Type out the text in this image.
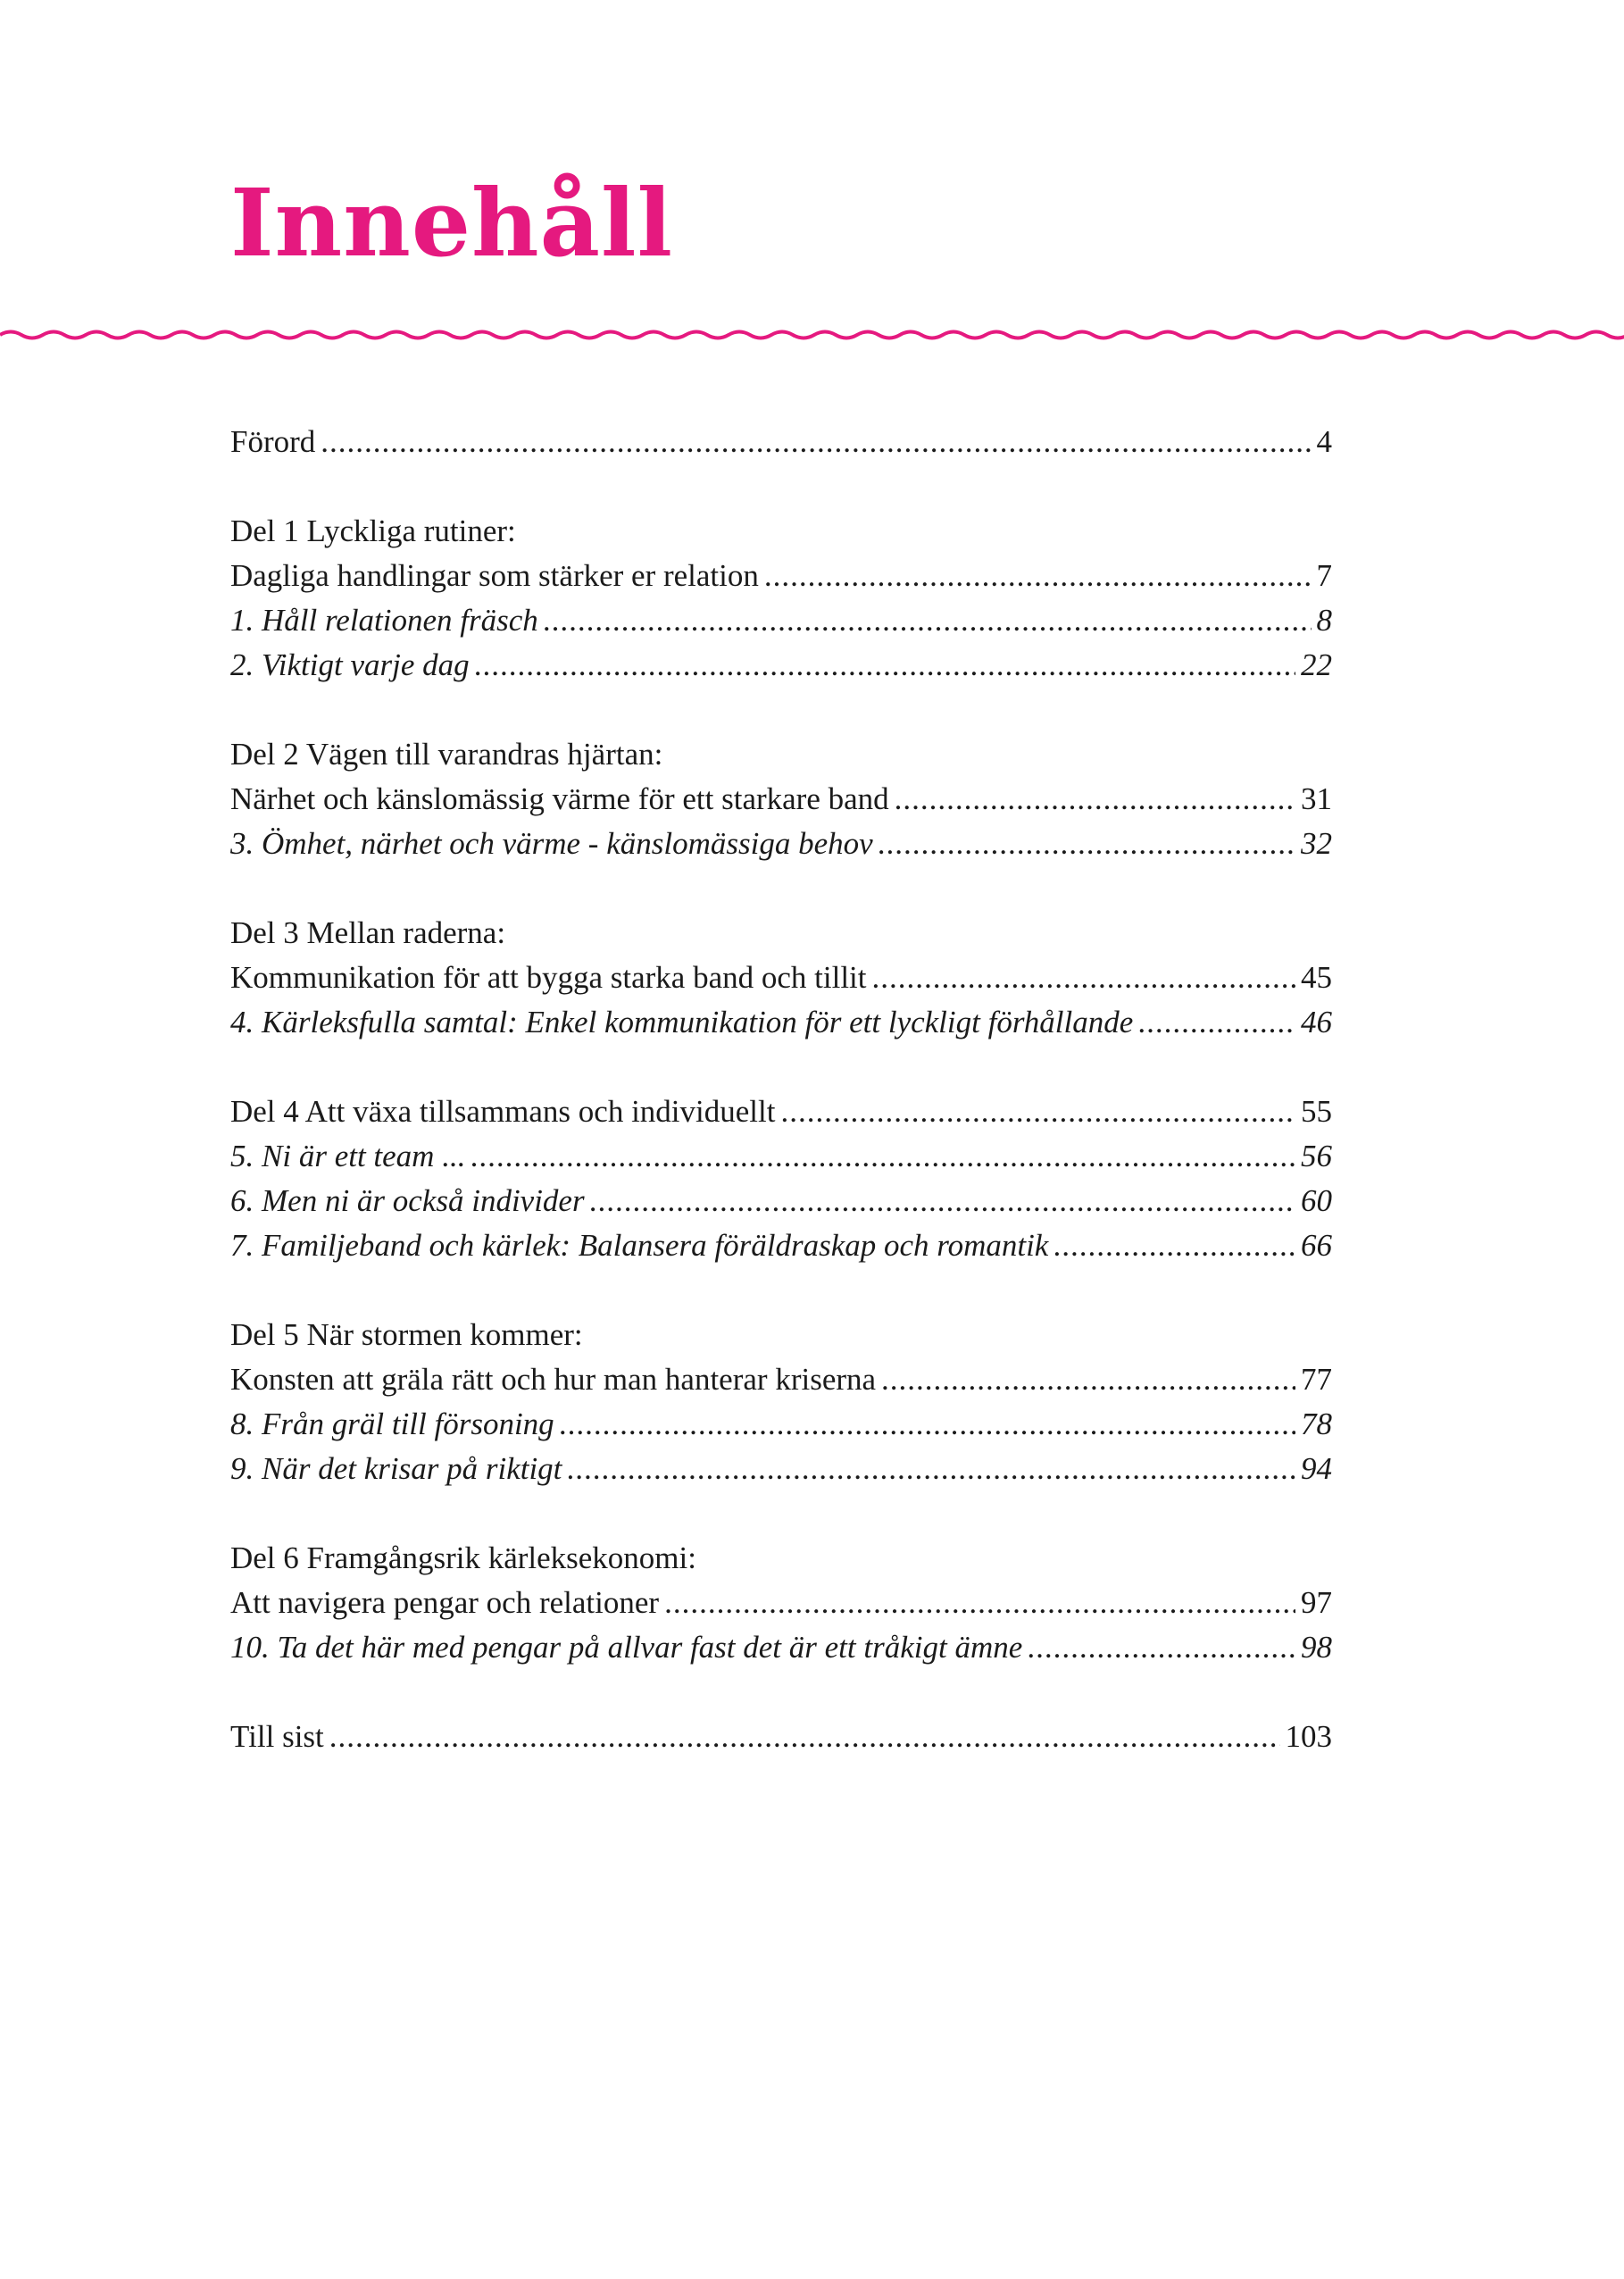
Innehåll
Förord .....	4
Del 1 Lyckliga rutiner:
Dagliga handlingar som stärker er relation .....	7
1. Håll relationen fräsch .....	8
2. Viktigt varje dag .....	22
Del 2 Vägen till varandras hjärtan:
Närhet och känslomässig värme för ett starkare band .....	31
3. Ömhet, närhet och värme - känslomässiga behov .....	32
Del 3 Mellan raderna:
Kommunikation för att bygga starka band och tillit .....	45
4. Kärleksfulla samtal: Enkel kommunikation för ett lyckligt förhållande .....	46
Del 4 Att växa tillsammans och individuellt .....	55
5. Ni är ett team ... .....	56
6. Men ni är också individer .....	60
7. Familjeband och kärlek: Balansera föräldraskap och romantik .....	66
Del 5 När stormen kommer:
Konsten att gräla rätt och hur man hanterar kriserna .....	77
8. Från gräl till försoning .....	78
9. När det krisar på riktigt .....	94
Del 6 Framgångsrik kärleksekonomi:
Att navigera pengar och relationer .....	97
10. Ta det här med pengar på allvar fast det är ett tråkigt ämne .....	98
Till sist .....	103
